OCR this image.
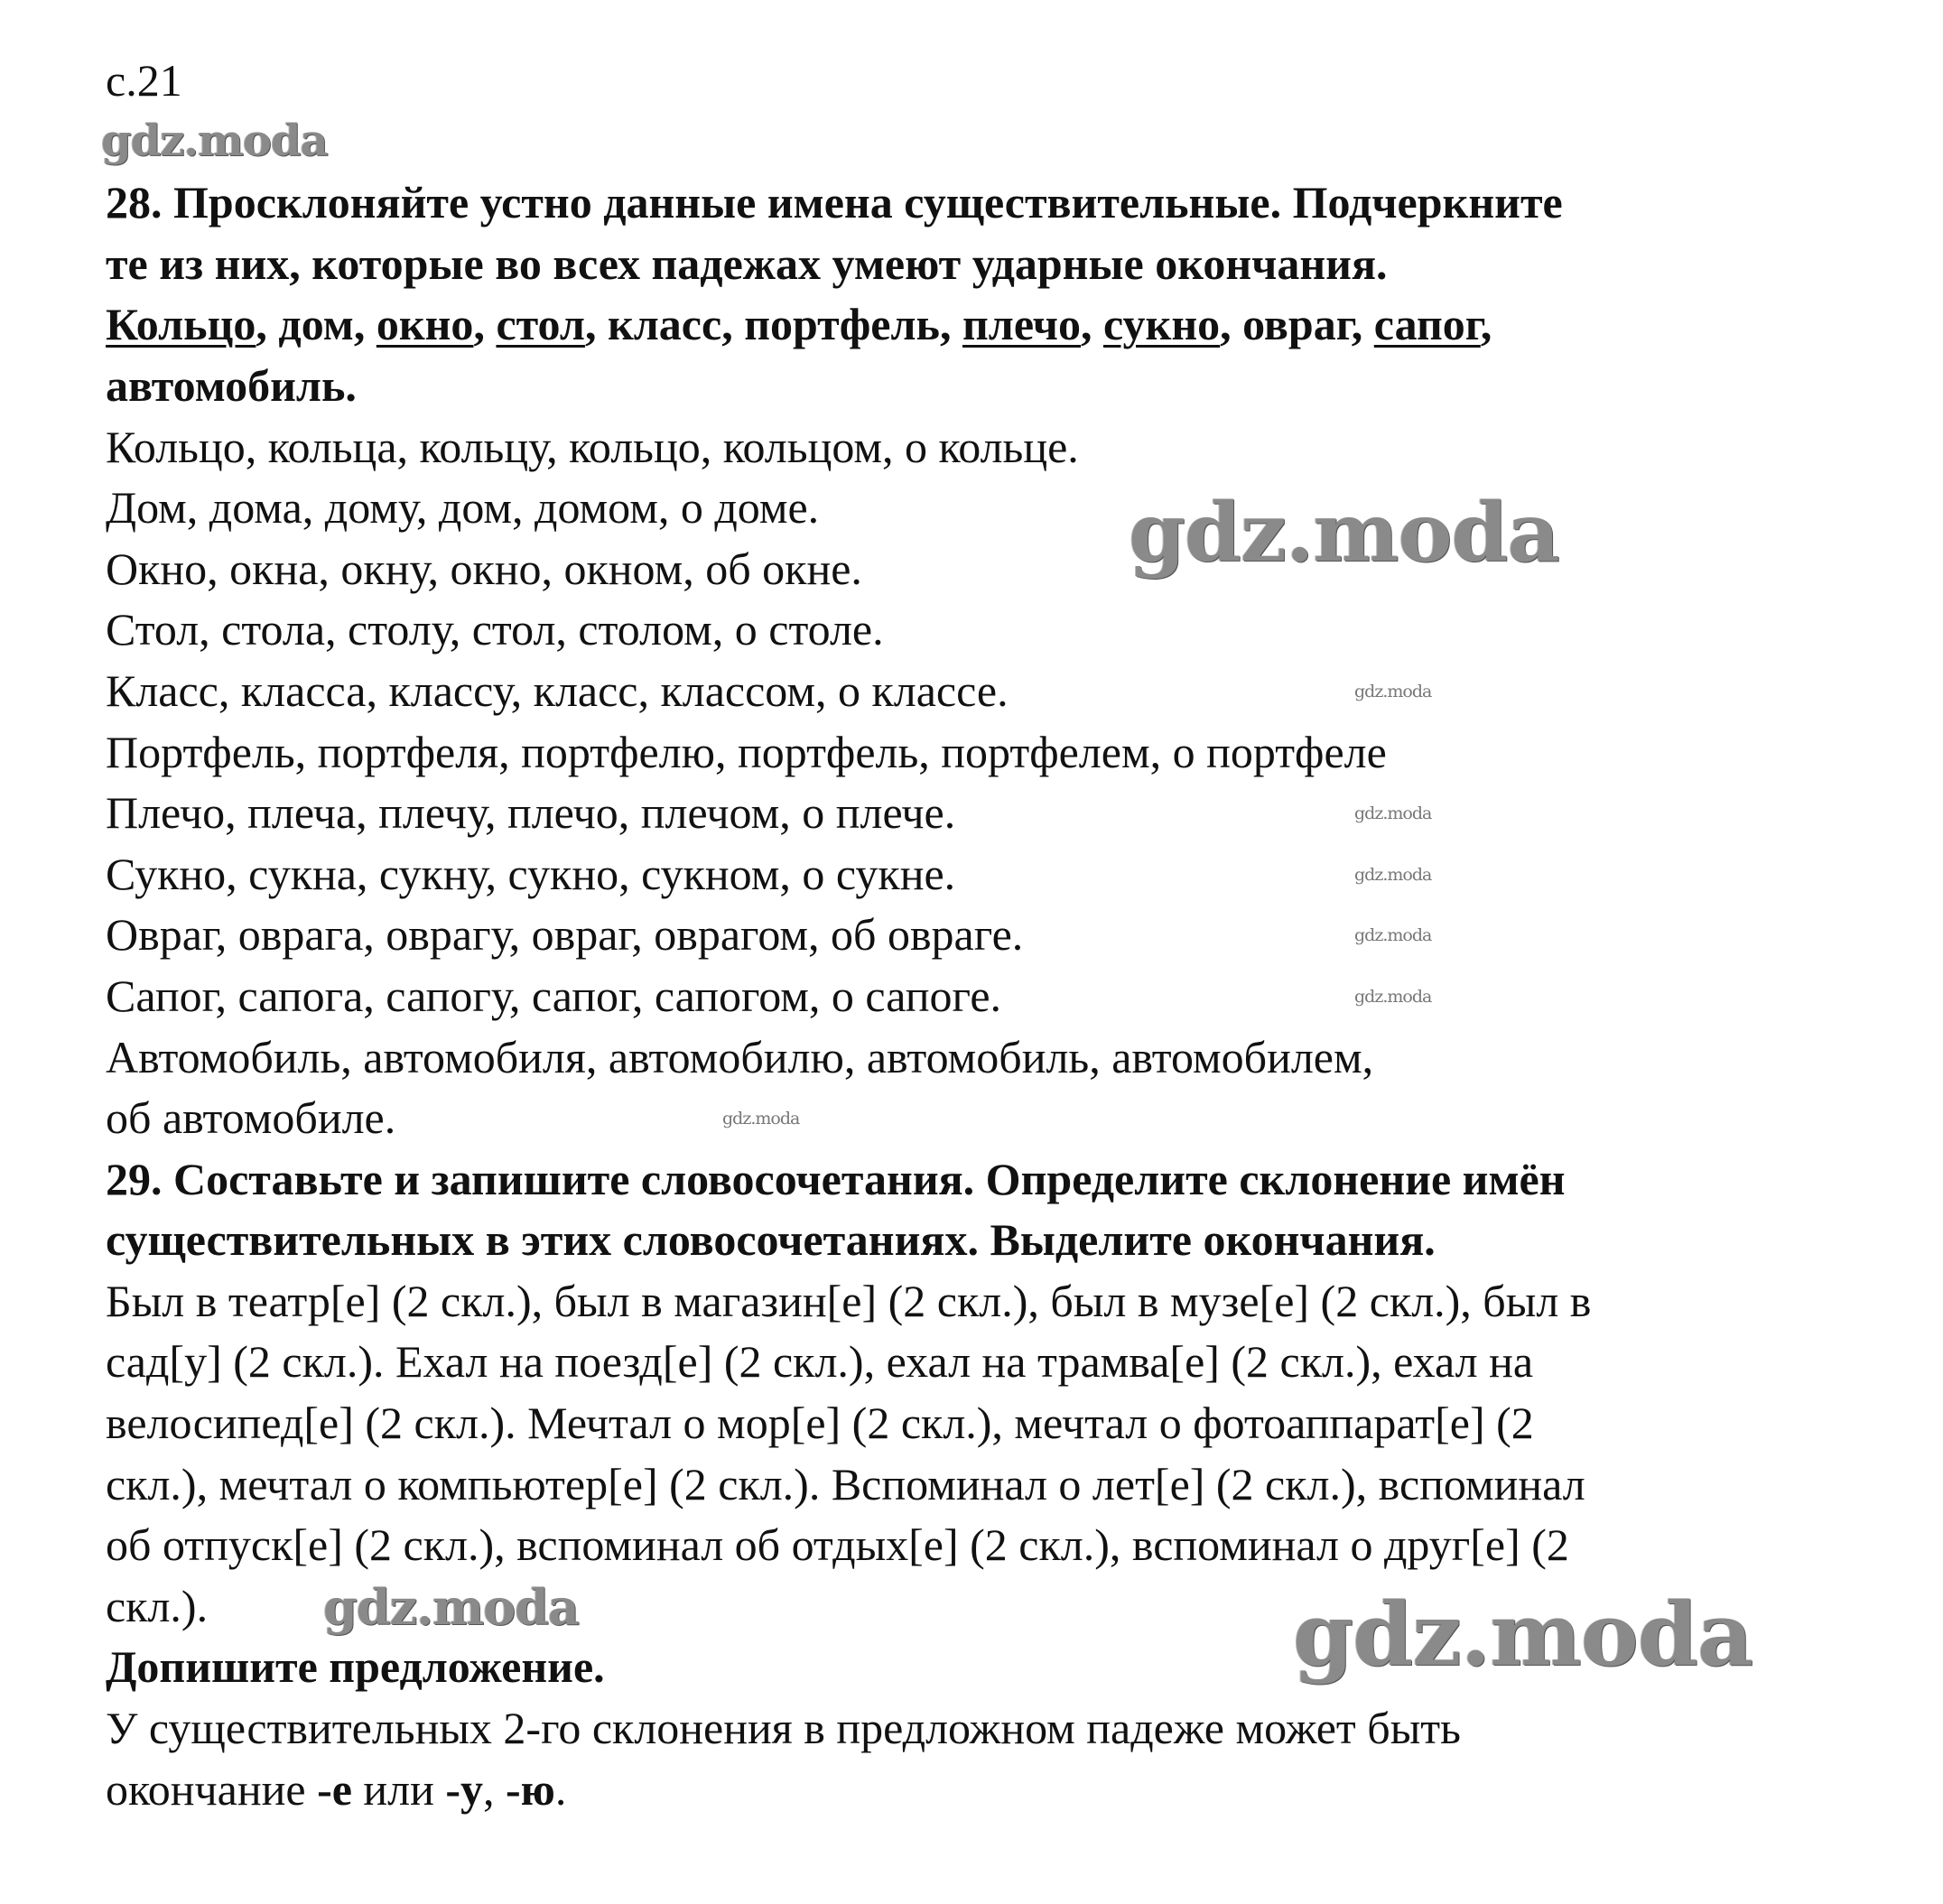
с.21
28. Просклоняйте устно данные имена существительные. Подчеркните
те из них, которые во всех падежах умеют ударные окончания.
Кольцо, дом, окно, стол, класс, портфель, плечо, сукно, овраг, сапог,
автомобиль.
Кольцо, кольца, кольцу, кольцо, кольцом, о кольце.
Дом, дома, дому, дом, домом, о доме.
Окно, окна, окну, окно, окном, об окне.
Стол, стола, столу, стол, столом, о столе.
Класс, класса, классу, класс, классом, о классе.
Портфель, портфеля, портфелю, портфель, портфелем, о портфеле
Плечо, плеча, плечу, плечо, плечом, о плече.
Сукно, сукна, сукну, сукно, сукном, о сукне.
Овраг, оврага, оврагу, овраг, оврагом, об овраге.
Сапог, сапога, сапогу, сапог, сапогом, о сапоге.
Автомобиль, автомобиля, автомобилю, автомобиль, автомобилем,
об автомобиле.
29. Составьте и запишите словосочетания. Определите склонение имён
существительных в этих словосочетаниях. Выделите окончания.
Был в театр[е] (2 скл.), был в магазин[е] (2 скл.), был в музе[е] (2 скл.), был в
сад[у] (2 скл.). Ехал на поезд[е] (2 скл.), ехал на трамва[е] (2 скл.), ехал на
велосипед[е] (2 скл.). Мечтал о мор[е] (2 скл.), мечтал о фотоаппарат[е] (2
скл.), мечтал о компьютер[е] (2 скл.). Вспоминал о лет[е] (2 скл.), вспоминал
об отпуск[е] (2 скл.), вспоминал об отдых[е] (2 скл.), вспоминал о друг[е] (2
скл.).
Допишите предложение.
У существительных 2-го склонения в предложном падеже может быть
окончание -е или -у, -ю.
gdz.moda
gdz.moda
gdz.moda	gdz.moda
gdz.moda
gdz.moda
gdz.moda
gdz.moda
gdz.moda
gdz.moda
